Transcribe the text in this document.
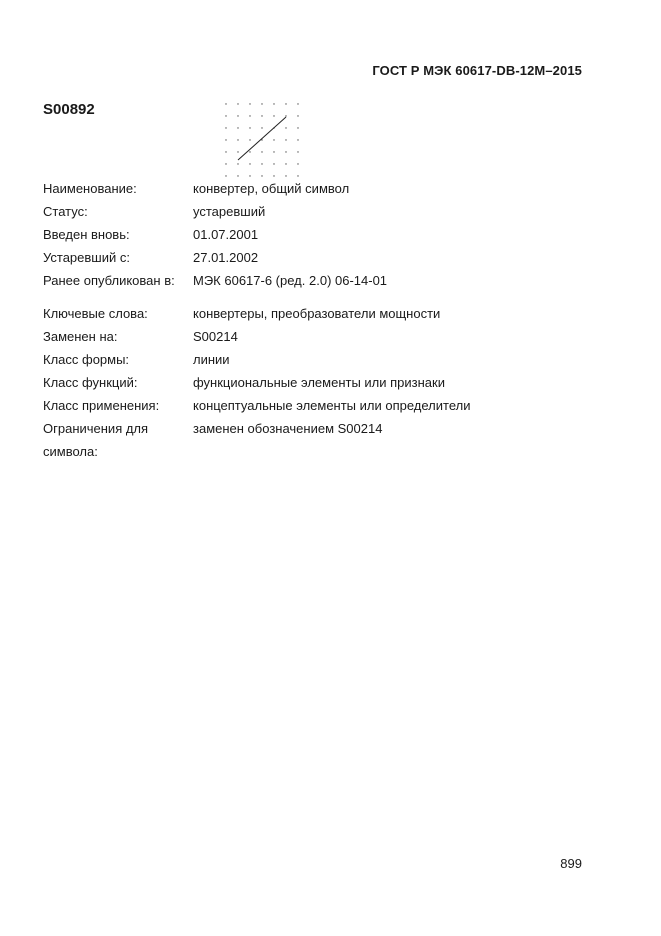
ГОСТ Р МЭК 60617-DB-12M–2015
S00892
Наименование:	конвертер, общий символ
Статус:	устаревший
Введен вновь:	01.07.2001
Устаревший с:	27.01.2002
Ранее опубликован в:	МЭК 60617-6 (ред. 2.0) 06-14-01
Ключевые слова:	конвертеры, преобразователи мощности
Заменен на:	S00214
Класс формы:	линии
Класс функций:	функциональные элементы или признаки
Класс применения:	концептуальные элементы или определители
Ограничения для	заменен обозначением S00214
символа:
899
